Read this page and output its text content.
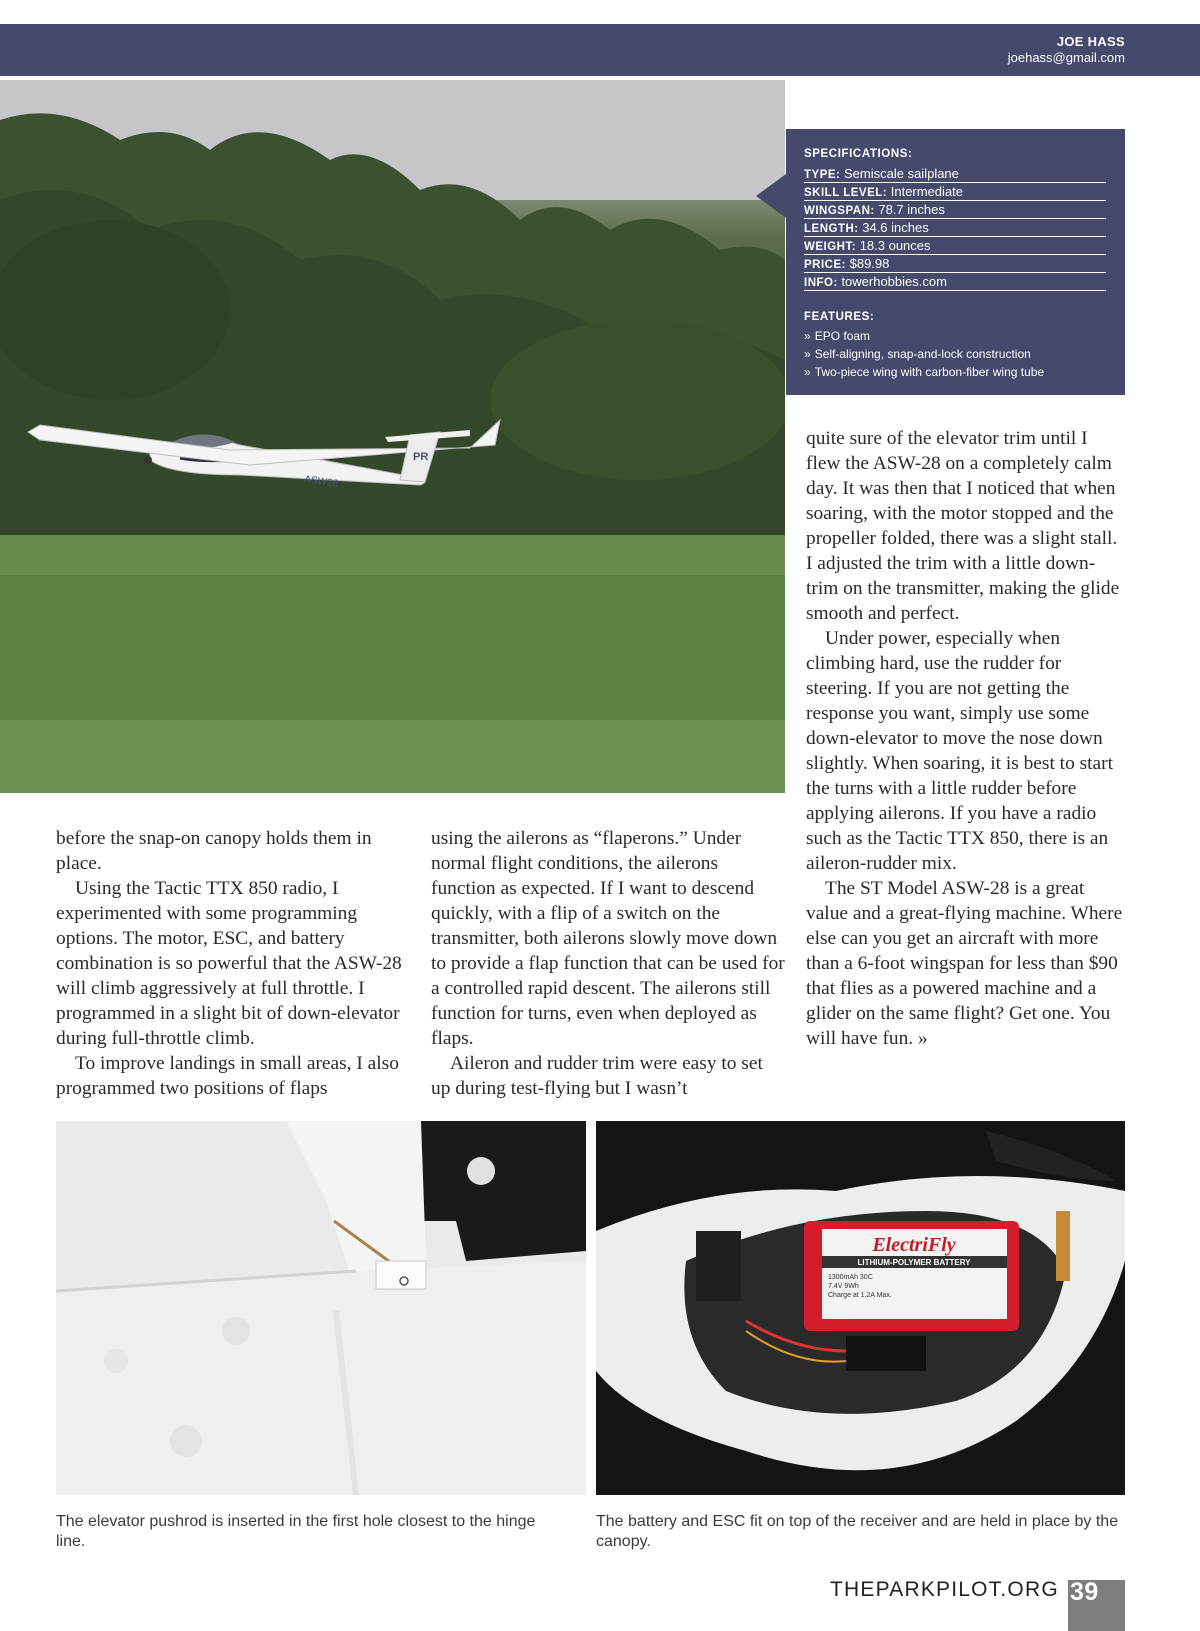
JOE HASS
joehass@gmail.com
ASW28
PR
SPECIFICATIONS:
TYPE: Semiscale sailplane
SKILL LEVEL: Intermediate
WINGSPAN: 78.7 inches
LENGTH: 34.6 inches
WEIGHT: 18.3 ounces
PRICE: $89.98
INFO: towerhobbies.com
FEATURES:
» EPO foam
» Self-aligning, snap-and-lock construction
» Two-piece wing with carbon-fiber wing tube

before the snap-on canopy holds them in place.

Using the Tactic TTX 850 radio, I experimented with some programming options. The motor, ESC, and battery combination is so powerful that the ASW-28 will climb aggressively at full throttle. I programmed in a slight bit of down-elevator during full-throttle climb.

To improve landings in small areas, I also programmed two positions of flaps

using the ailerons as “flaperons.” Under normal flight conditions, the ailerons function as expected. If I want to descend quickly, with a flip of a switch on the transmitter, both ailerons slowly move down to provide a flap function that can be used for a controlled rapid descent. The ailerons still function for turns, even when deployed as flaps.

Aileron and rudder trim were easy to set up during test-flying but I wasn’t

quite sure of the elevator trim until I flew the ASW-28 on a completely calm day. It was then that I noticed that when soaring, with the motor stopped and the propeller folded, there was a slight stall. I adjusted the trim with a little down-trim on the transmitter, making the glide smooth and perfect.

Under power, especially when climbing hard, use the rudder for steering. If you are not getting the response you want, simply use some down-elevator to move the nose down slightly. When soaring, it is best to start the turns with a little rudder before applying ailerons. If you have a radio such as the Tactic TTX 850, there is an aileron-rudder mix.

The ST Model ASW-28 is a great value and a great-flying machine. Where else can you get an aircraft with more than a 6-foot wingspan for less than $90 that flies as a powered machine and a glider on the same flight? Get one. You will have fun. »

ElectriFly
LITHIUM-POLYMER BATTERY
1300mAh 30C
7.4V 9Wh
Charge at 1.2A Max.
The elevator pushrod is inserted in the first hole closest to the hinge line.
The battery and ESC fit on top of the receiver and are held in place by the canopy.
THEPARKPILOT.ORG 39
